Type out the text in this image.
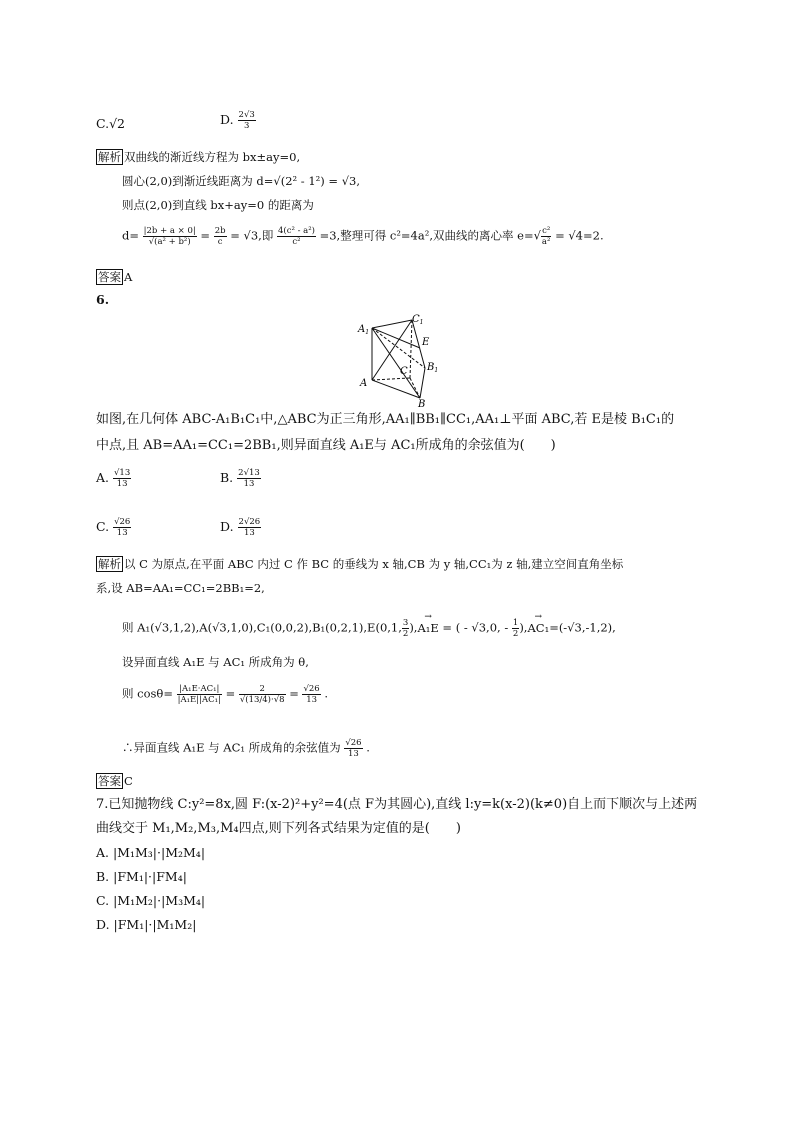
C.√2	D. $\frac{2√3}{3}$
解析 双曲线的渐近线方程为 bx±ay=0,
圆心(2,0)到渐近线距离为 d=√(2² - 1²) = √3,
则点(2,0)到直线 bx+ay=0 的距离为
$d= \frac{|2b + a \times 0|}{\text{√(a² + b²)}} = \frac{2b}{c} = √3$,即 $\frac{\text{4(c² - a²)}}{\text{c²}} =3$,整理可得 c²=4a²,双曲线的离心率 $e=√ \frac{\text{c²}}{\text{a²}} = √4=2$.
答案 A
6.
$A_1$
$C_1$
E
C $B_1$
A
B
如图,在几何体 ABC-A₁B₁C₁中,△ABC为正三角形,AA₁∥BB₁∥CC₁,AA₁⊥平面 ABC,若 E是棱 B₁C₁的
中点,且 AB=AA₁=CC₁=2BB₁,则异面直线 A₁E与 AC₁所成角的余弦值为(　　)
A. $\frac{√13}{13}$	B. $\frac{2√13}{13}$
C. $\frac{√26}{13}$	D. $\frac{2√26}{13}$
解析 以 C 为原点,在平面 ABC 内过 C 作 BC 的垂线为 x 轴,CB 为 y 轴,CC₁为 z 轴,建立空间直角坐标
系,设 AB=AA₁=CC₁=2BB₁=2,
则 A₁(√3,1,2),A(√3,1,0),C₁(0,0,2),B₁(0,2,1),E(0,1, $\frac{3}{2}$ ),→ A₁E = ( - √3,0, - $\frac{1}{2}$ ),→ AC₁=(-√3,-1,2),
设异面直线 A₁E 与 AC₁ 所成角为 θ,
则 $\cos\theta= \frac{\text{|A₁E·AC₁|}}{\text{|A₁E||AC₁|}} = \frac{2}{√(13/4)\cdot√8} = \frac{√26}{13}$ .
∴异面直线 A₁E 与 AC₁ 所成角的余弦值为 $\frac{√26}{13}$ .
答案 C
7.已知抛物线 C:y²=8x,圆 F:(x-2)²+y²=4(点 F为其圆心),直线 l:y=k(x-2)(k≠0)自上而下顺次与上述两
曲线交于 M₁,M₂,M₃,M₄四点,则下列各式结果为定值的是(　　)
A. |M₁M₃|·|M₂M₄|
B. |FM₁|·|FM₄|
C. |M₁M₂|·|M₃M₄|
D. |FM₁|·|M₁M₂|
